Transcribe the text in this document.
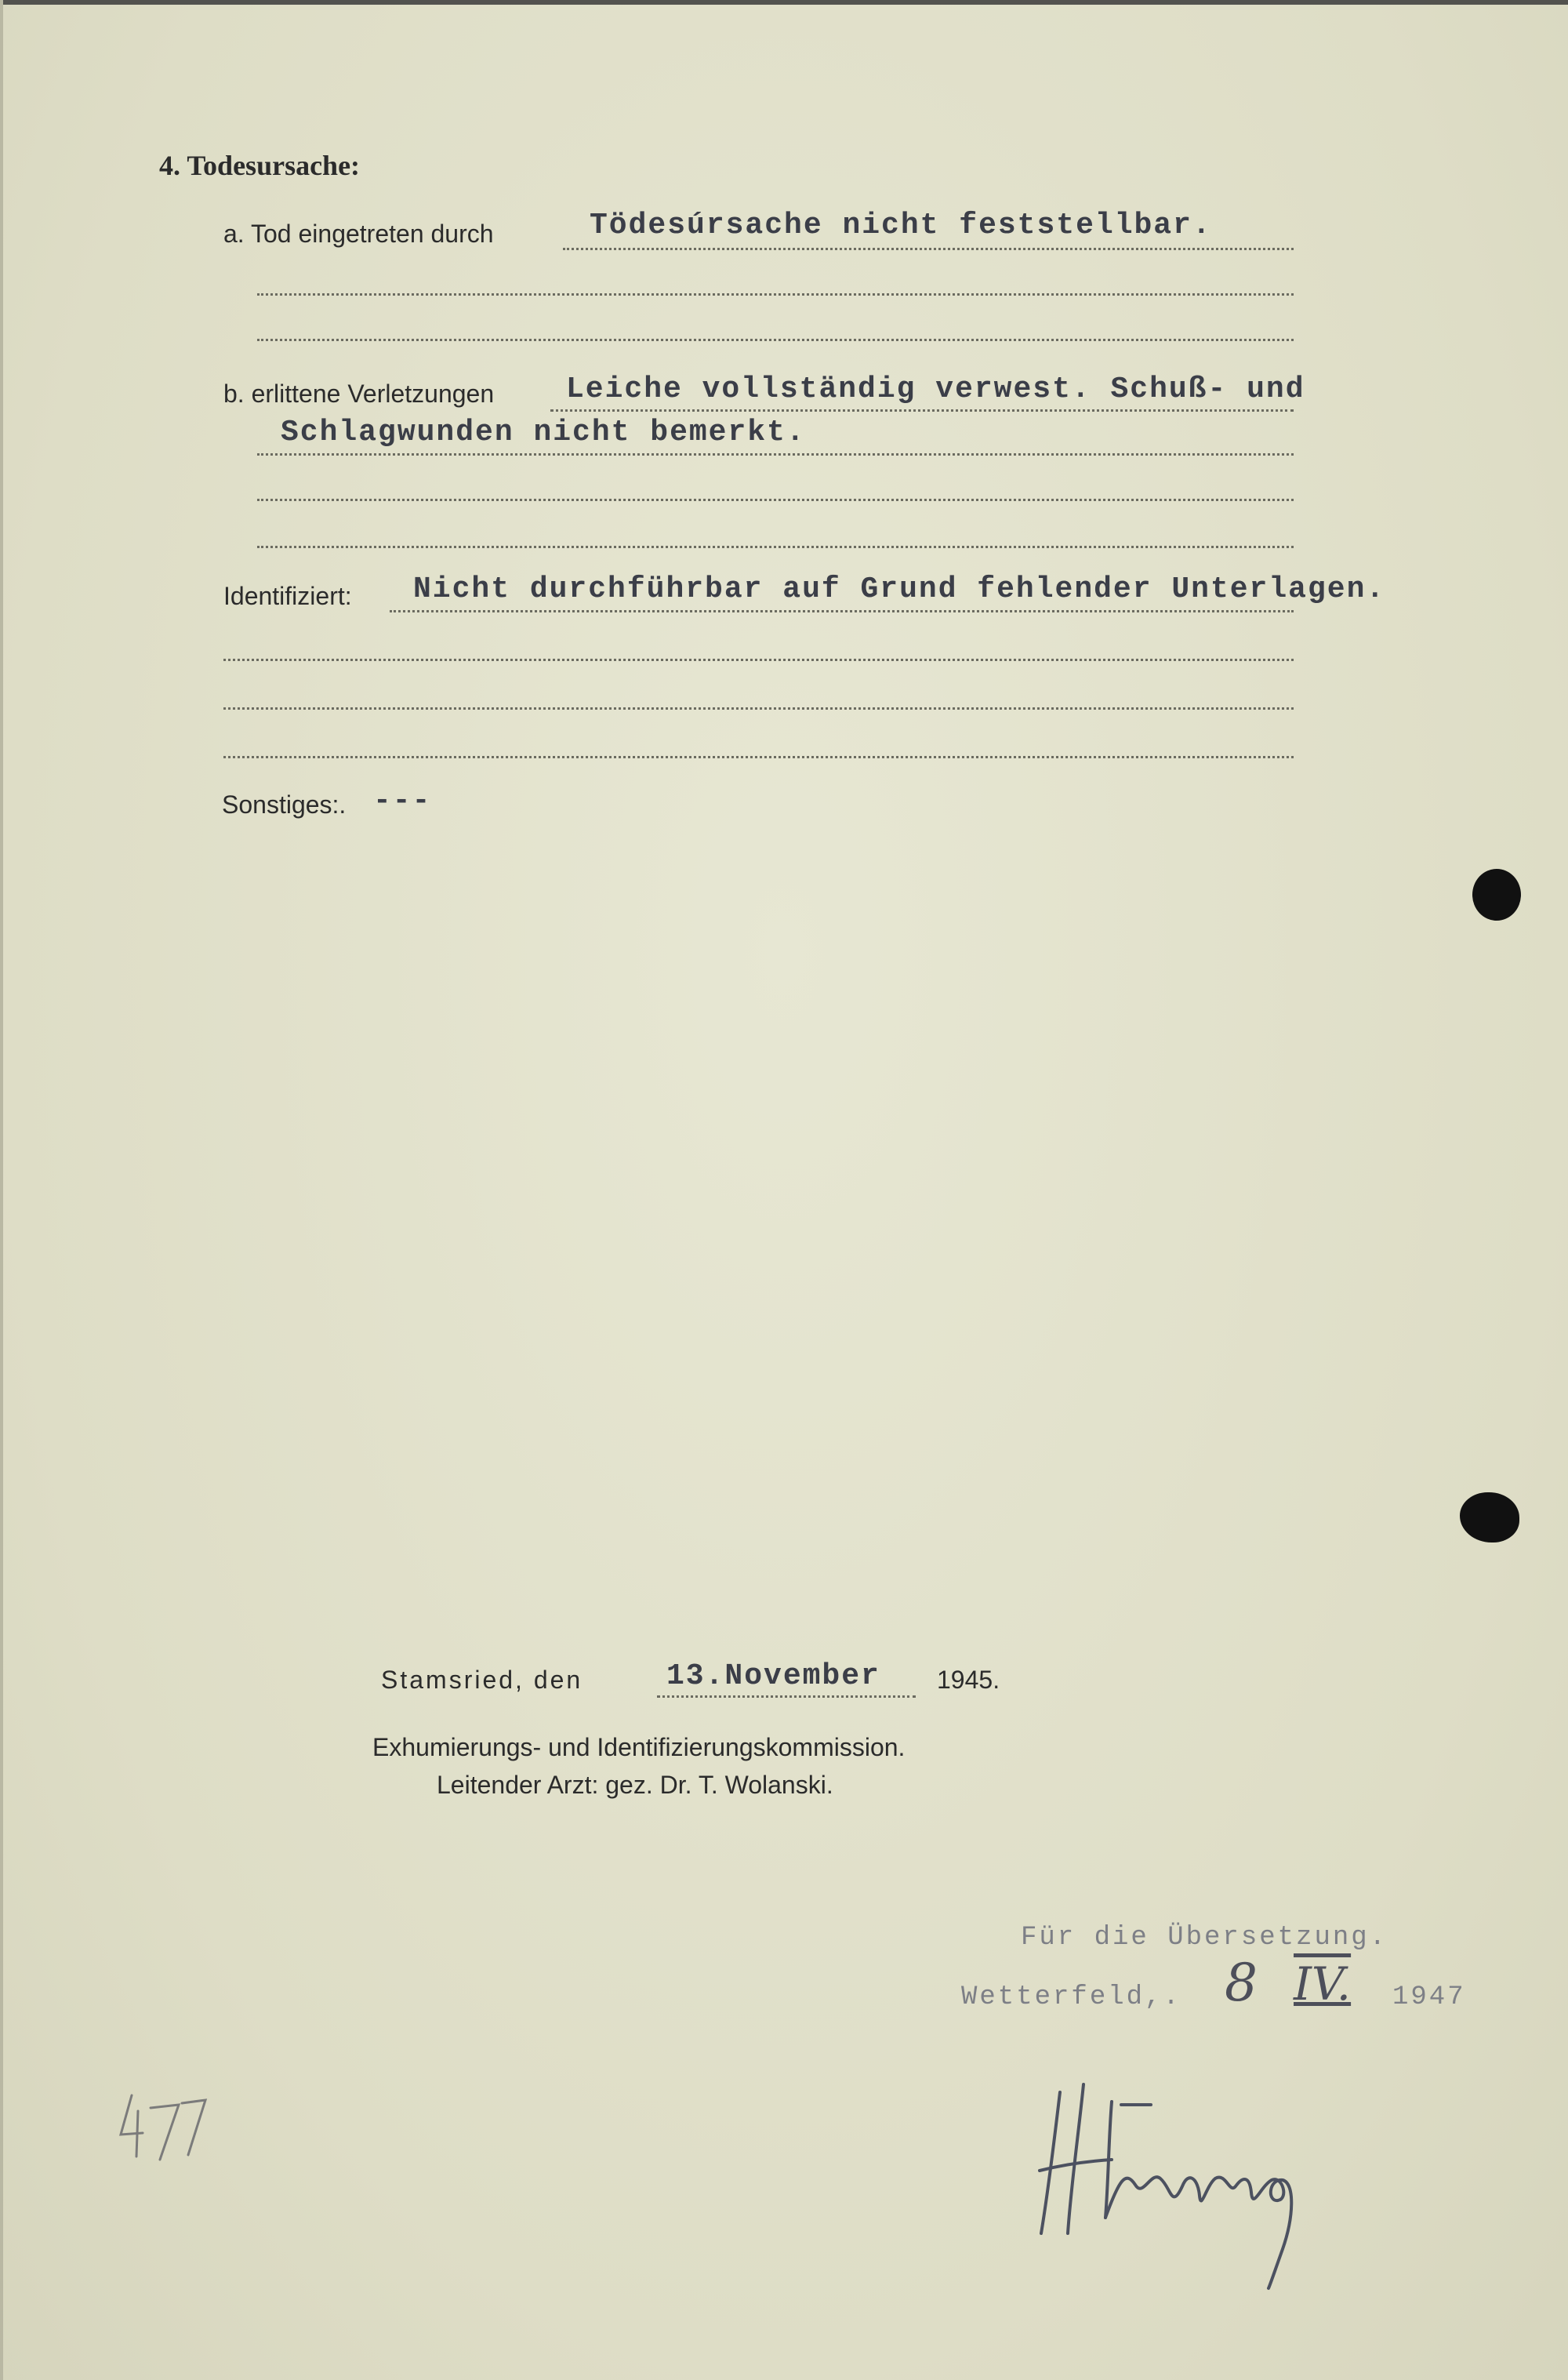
4. Todesursache:
a. Tod eingetreten durch	Tödesúrsache nicht feststellbar.
b. erlittene Verletzungen Leiche vollständig verwest. Schuß- und
Schlagwunden nicht bemerkt.
Identifiziert: Nicht durchführbar auf Grund fehlender Unterlagen.
Sonstiges:. ---
Stamsried, den	13.November 1945.
Exhumierungs- und Identifizierungskommission.
Leitender Arzt: gez. Dr. T. Wolanski.
Für die Übersetzung.
Wetterfeld,. 8 IV. 1947
